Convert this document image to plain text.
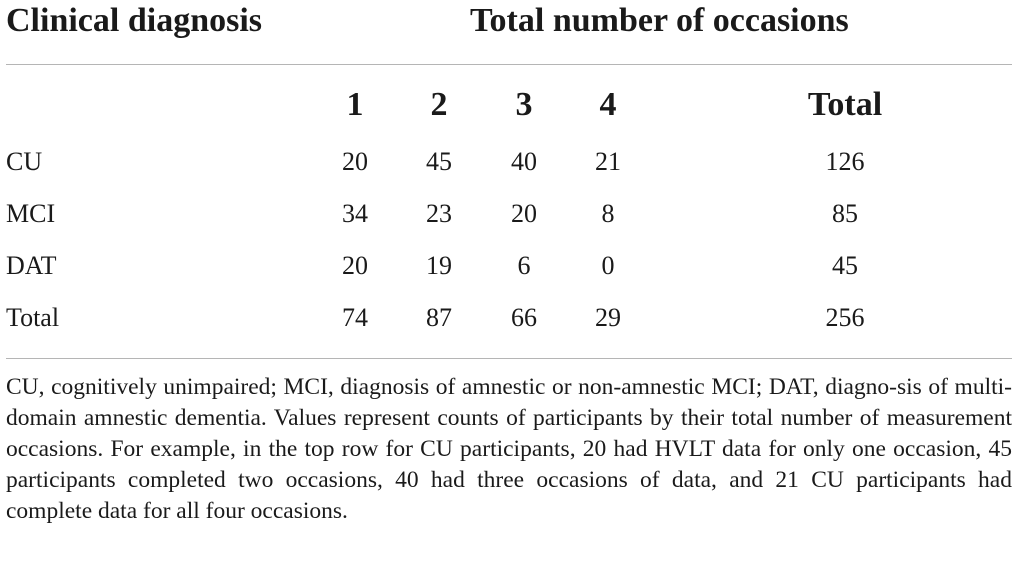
Clinical diagnosis	Total number of occasions
1	2	3	4	Total
CU	20	45	40	21	126
MCI	34	23	20	8	85
DAT	20	19	6	0	45
Total	74	87	66	29	256
CU, cognitively unimpaired; MCI, diagnosis of amnestic or non-amnestic MCI; DAT, diagno-sis of multi-domain amnestic dementia. Values represent counts of participants by their total number of measurement occasions. For example, in the top row for CU participants, 20 had HVLT data for only one occasion, 45 participants completed two occasions, 40 had three occasions of data, and 21 CU participants had complete data for all four occasions.
